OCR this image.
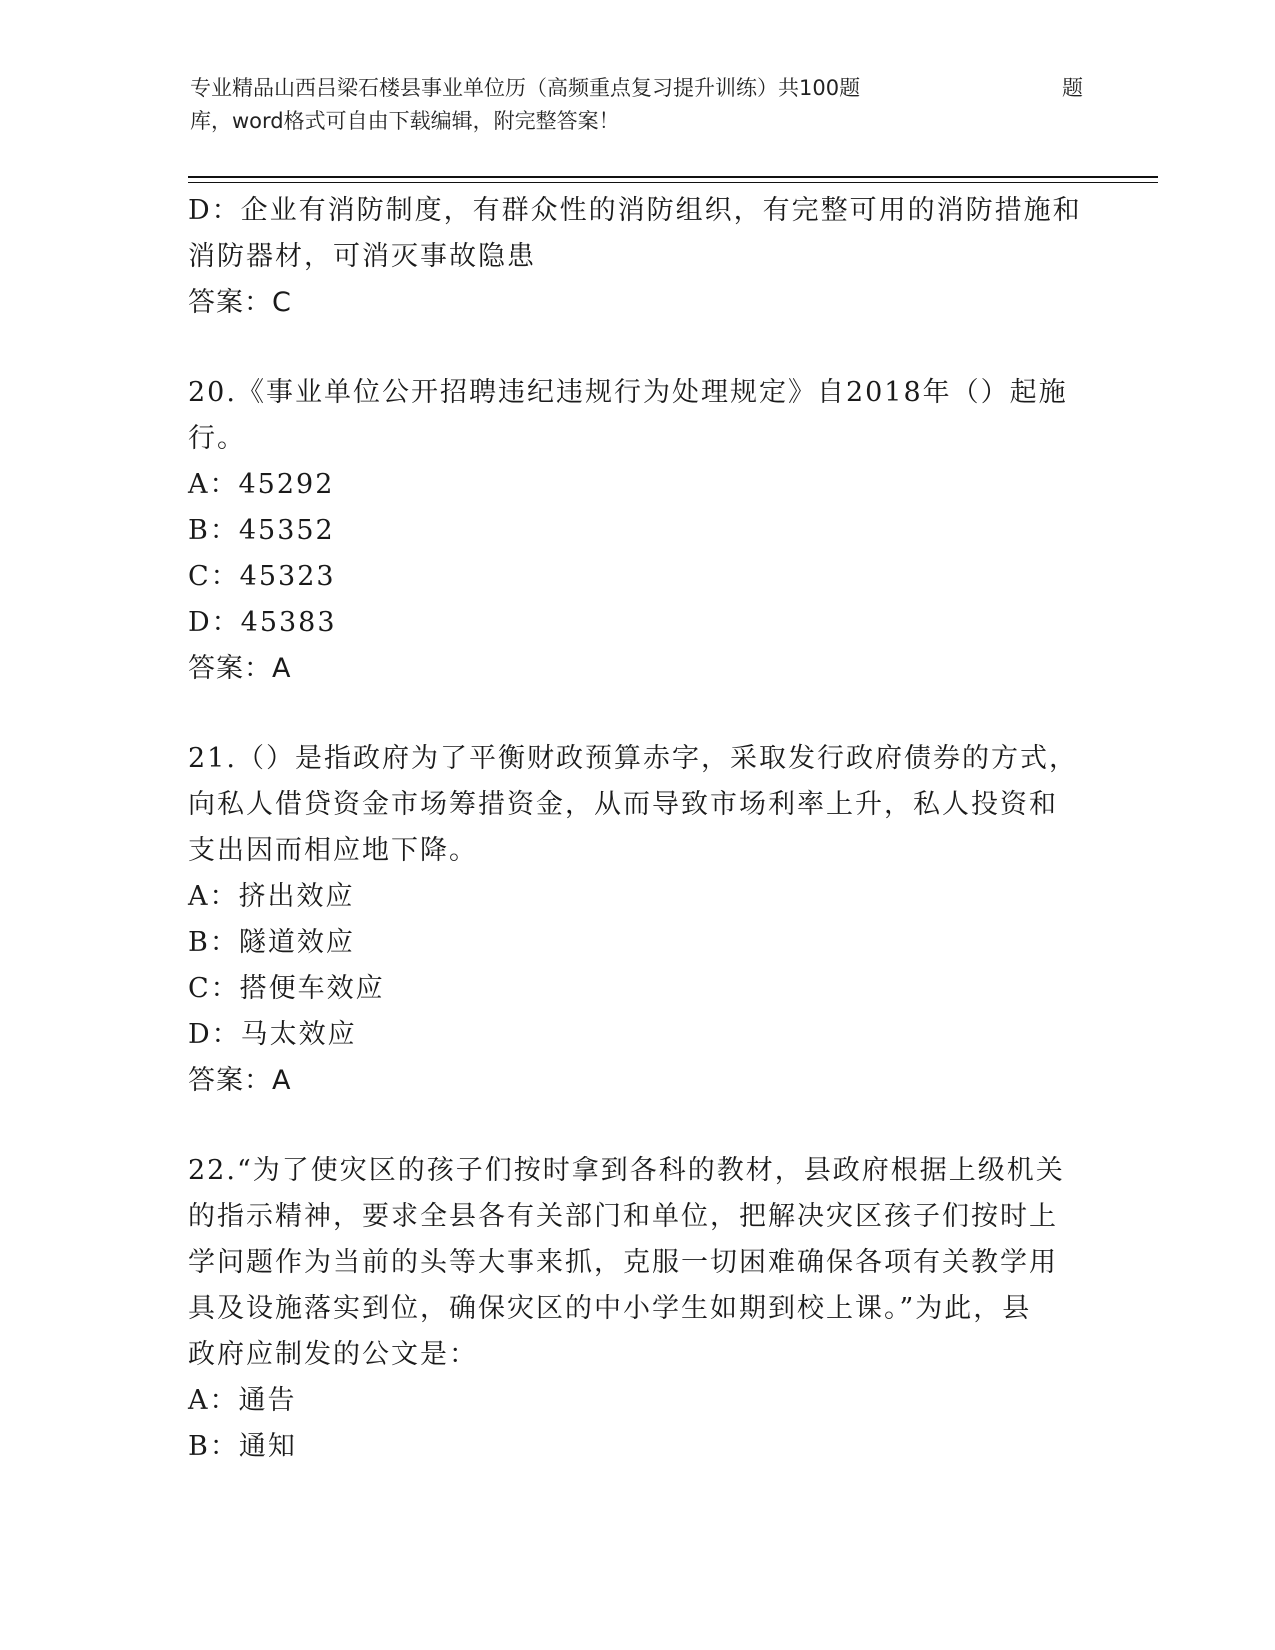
专业精品山西吕梁石楼县事业单位历（高频重点复习提升训练）共100题	题
库，word格式可自由下载编辑，附完整答案！

D：企业有消防制度，有群众性的消防组织，有完整可用的消防措施和

消防器材，可消灭事故隐患

答案：C

20.《事业单位公开招聘违纪违规行为处理规定》自2018年（）起施

行。

A：45292

B：45352

C：45323

D：45383

答案：A

21.（）是指政府为了平衡财政预算赤字，采取发行政府债券的方式，

向私人借贷资金市场筹措资金，从而导致市场利率上升，私人投资和

支出因而相应地下降。

A：挤出效应

B：隧道效应

C：搭便车效应

D：马太效应

答案：A

22.“为了使灾区的孩子们按时拿到各科的教材，县政府根据上级机关

的指示精神，要求全县各有关部门和单位，把解决灾区孩子们按时上

学问题作为当前的头等大事来抓，克服一切困难确保各项有关教学用

具及设施落实到位，确保灾区的中小学生如期到校上课。”为此，县

政府应制发的公文是：

A：通告

B：通知
